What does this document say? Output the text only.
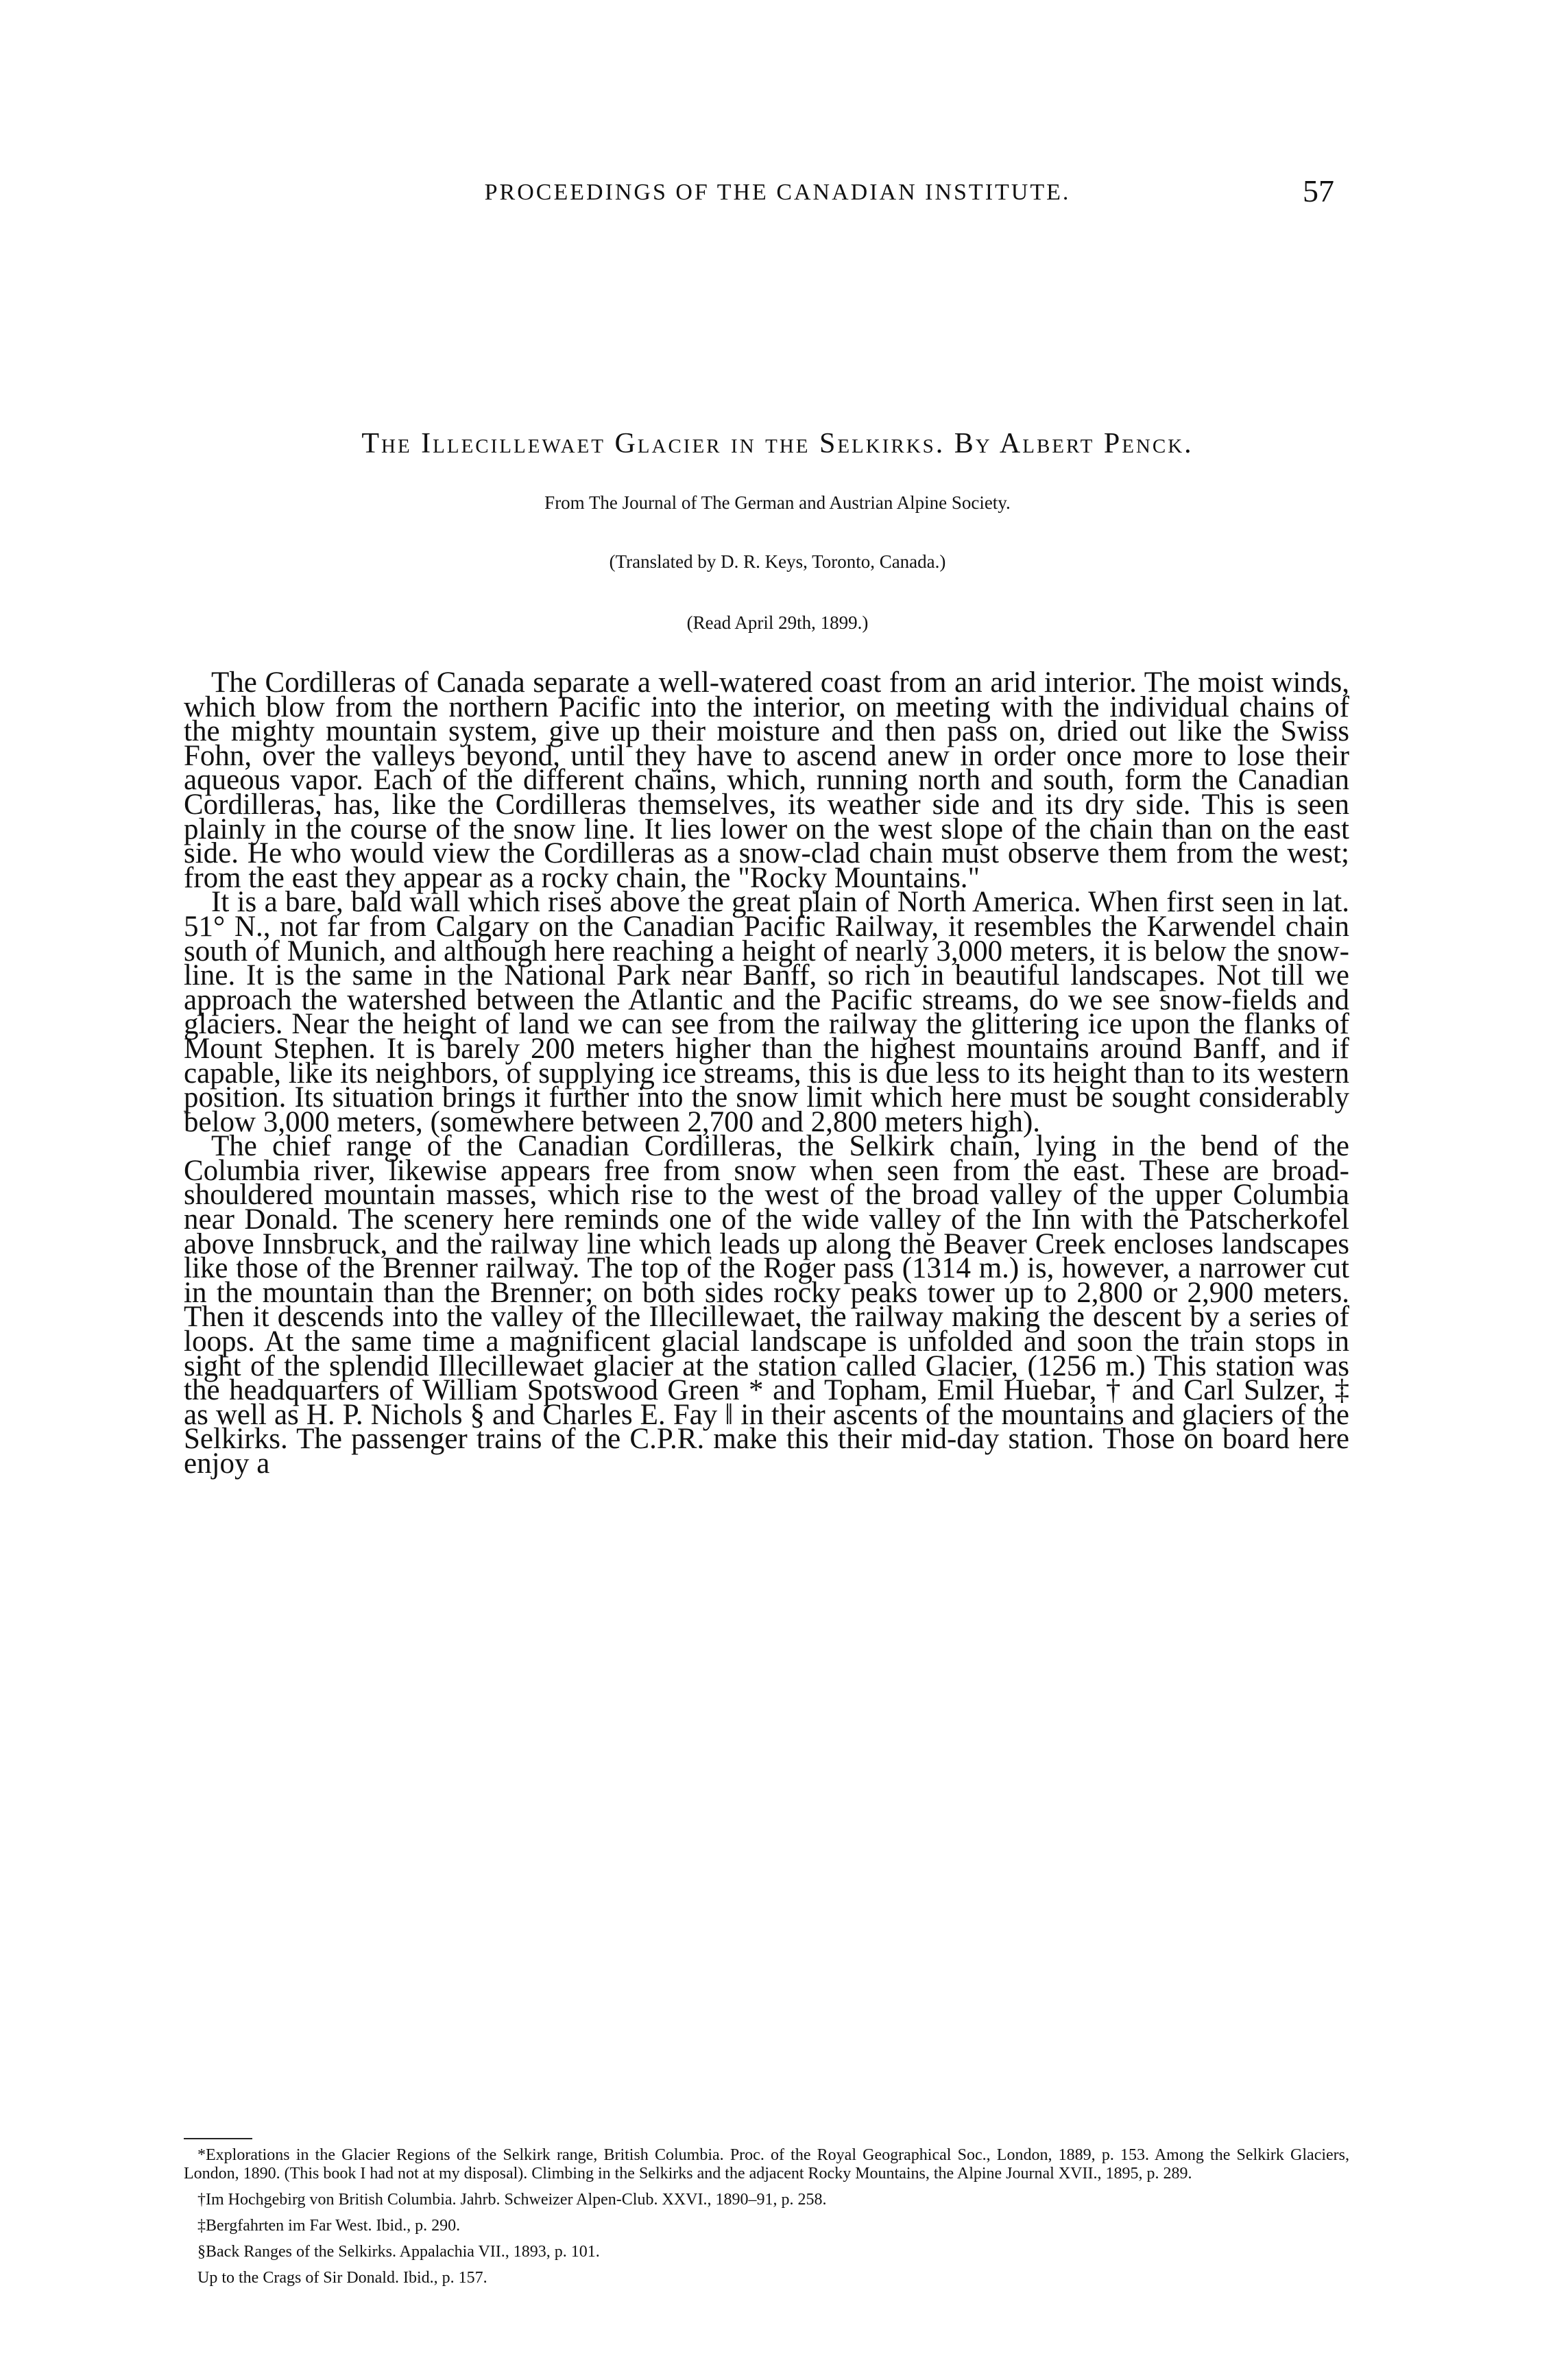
PROCEEDINGS OF THE CANADIAN INSTITUTE.	57
The Illecillewaet Glacier in the Selkirks. By Albert Penck.
From The Journal of The German and Austrian Alpine Society.
(Translated by D. R. Keys, Toronto, Canada.)
(Read April 29th, 1899.)

The Cordilleras of Canada separate a well-watered coast from an arid interior. The moist winds, which blow from the northern Pacific into the interior, on meeting with the individual chains of the mighty mountain system, give up their moisture and then pass on, dried out like the Swiss Fohn, over the valleys beyond, until they have to ascend anew in order once more to lose their aqueous vapor. Each of the different chains, which, running north and south, form the Canadian Cordilleras, has, like the Cordilleras themselves, its weather side and its dry side. This is seen plainly in the course of the snow line. It lies lower on the west slope of the chain than on the east side. He who would view the Cordilleras as a snow-clad chain must observe them from the west; from the east they appear as a rocky chain, the "Rocky Mountains."

It is a bare, bald wall which rises above the great plain of North America. When first seen in lat. 51° N., not far from Calgary on the Canadian Pacific Railway, it resembles the Karwendel chain south of Munich, and although here reaching a height of nearly 3,000 meters, it is below the snow-line. It is the same in the National Park near Banff, so rich in beautiful landscapes. Not till we approach the watershed between the Atlantic and the Pacific streams, do we see snow-fields and glaciers. Near the height of land we can see from the railway the glittering ice upon the flanks of Mount Stephen. It is barely 200 meters higher than the highest mountains around Banff, and if capable, like its neighbors, of supplying ice streams, this is due less to its height than to its western position. Its situation brings it further into the snow limit which here must be sought considerably below 3,000 meters, (somewhere between 2,700 and 2,800 meters high).

The chief range of the Canadian Cordilleras, the Selkirk chain, lying in the bend of the Columbia river, likewise appears free from snow when seen from the east. These are broad-shouldered mountain masses, which rise to the west of the broad valley of the upper Columbia near Donald. The scenery here reminds one of the wide valley of the Inn with the Patscherkofel above Innsbruck, and the railway line which leads up along the Beaver Creek encloses landscapes like those of the Brenner railway. The top of the Roger pass (1314 m.) is, however, a narrower cut in the mountain than the Brenner; on both sides rocky peaks tower up to 2,800 or 2,900 meters. Then it descends into the valley of the Illecillewaet, the railway making the descent by a series of loops. At the same time a magnificent glacial landscape is unfolded and soon the train stops in sight of the splendid Illecillewaet glacier at the station called Glacier, (1256 m.) This station was the headquarters of William Spotswood Green * and Topham, Emil Huebar, † and Carl Sulzer, ‡ as well as H. P. Nichols § and Charles E. Fay ‖ in their ascents of the mountains and glaciers of the Selkirks. The passenger trains of the C.P.R. make this their mid-day station. Those on board here enjoy a

*Explorations in the Glacier Regions of the Selkirk range, British Columbia. Proc. of the Royal Geographical Soc., London, 1889, p. 153. Among the Selkirk Glaciers, London, 1890. (This book I had not at my disposal). Climbing in the Selkirks and the adjacent Rocky Mountains, the Alpine Journal XVII., 1895, p. 289.

†Im Hochgebirg von British Columbia. Jahrb. Schweizer Alpen-Club. XXVI., 1890–91, p. 258.

‡Bergfahrten im Far West. Ibid., p. 290.

§Back Ranges of the Selkirks. Appalachia VII., 1893, p. 101.

Up to the Crags of Sir Donald. Ibid., p. 157.
